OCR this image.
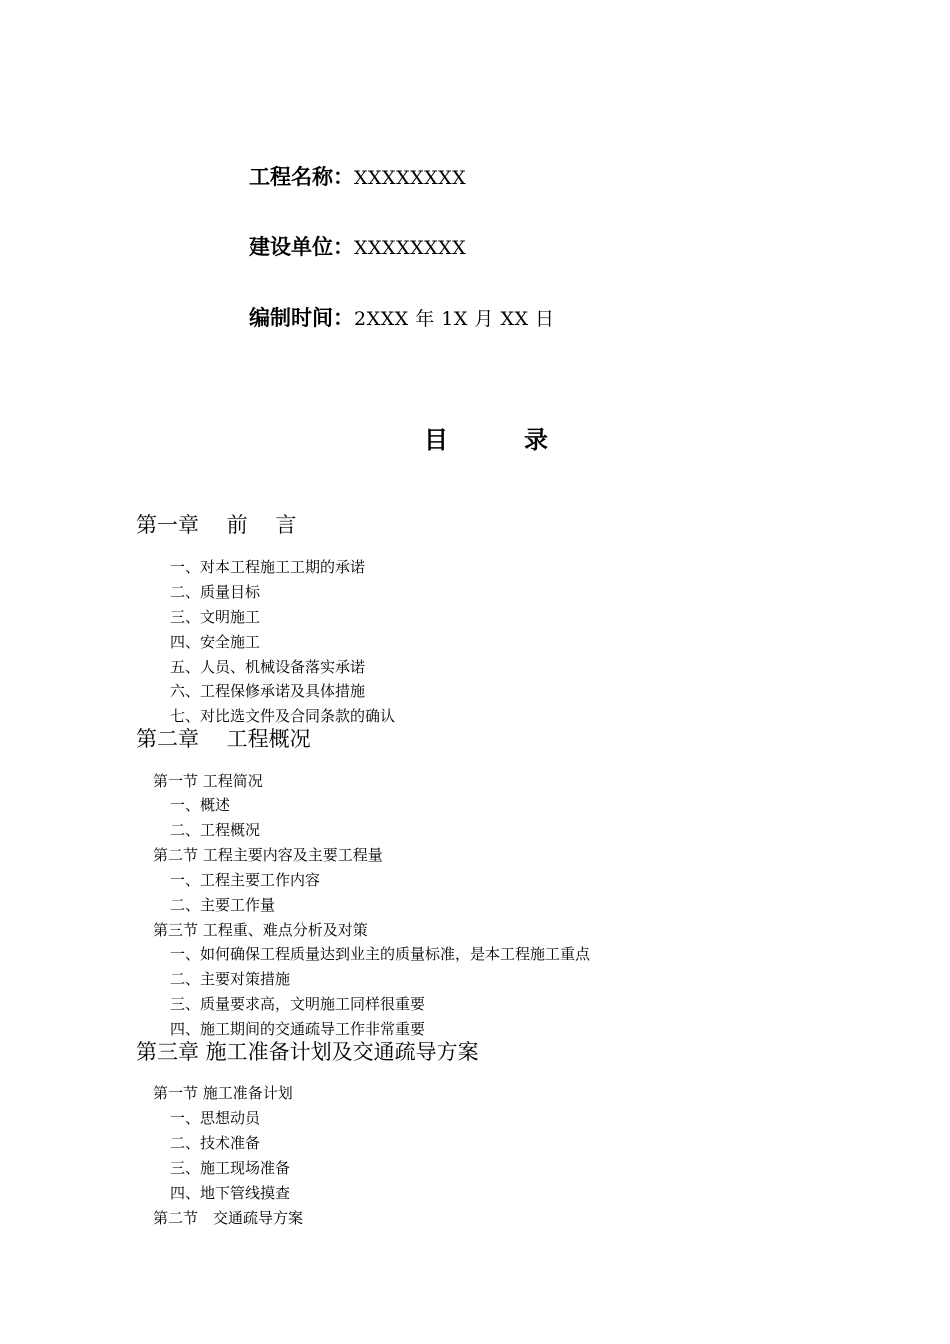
工程名称：XXXXXXXX
建设单位：XXXXXXXX
编制时间：2XXX 年 1X 月 XX 日
目	录
第一章　 前　 言
一、对本工程施工工期的承诺
二、质量目标
三、文明施工
四、安全施工
五、人员、机械设备落实承诺
六、工程保修承诺及具体措施
七、对比选文件及合同条款的确认
第二章　 工程概况
第一节 工程简况
一、概述
二、工程概况
第二节 工程主要内容及主要工程量
一、工程主要工作内容
二、主要工作量
第三节 工程重、难点分析及对策
一、如何确保工程质量达到业主的质量标准，是本工程施工重点
二、主要对策措施
三、质量要求高，文明施工同样很重要
四、施工期间的交通疏导工作非常重要
第三章 施工准备计划及交通疏导方案
第一节 施工准备计划
一、思想动员
二、技术准备
三、施工现场准备
四、地下管线摸查
第二节　交通疏导方案
